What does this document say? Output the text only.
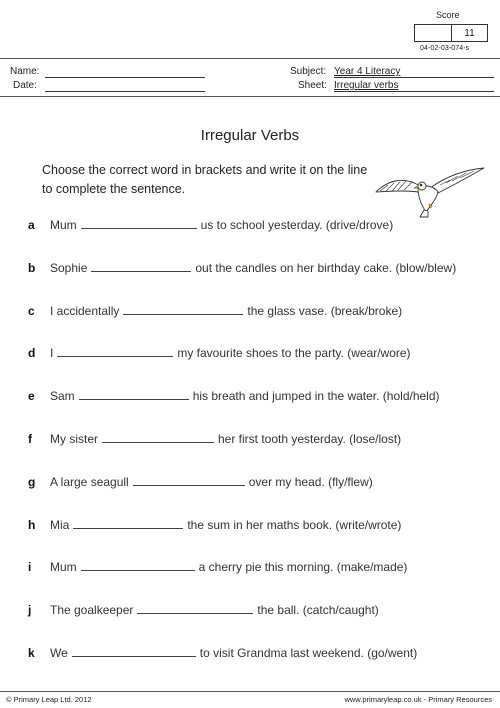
Score
11
04-02-03-074-s
Name:
Date:
Subject: Year 4 Literacy
Sheet: Irregular verbs
Irregular Verbs
Choose the correct word in brackets and write it on the line to complete the sentence.
a Mum	us to school yesterday. (drive/drove)
b Sophie	out the candles on her birthday cake. (blow/blew)
c I accidentally	the glass vase. (break/broke)
d I	my favourite shoes to the party. (wear/wore)
e Sam	his breath and jumped in the water. (hold/held)
f My sister	her first tooth yesterday. (lose/lost)
g A large seagull	over my head. (fly/flew)
h Mia	the sum in her maths book. (write/wrote)
i Mum	a cherry pie this morning. (make/made)
j The goalkeeper	the ball. (catch/caught)
k We	to visit Grandma last weekend. (go/went)
© Primary Leap Ltd. 2012	www.primaryleap.co.uk - Primary Resources
